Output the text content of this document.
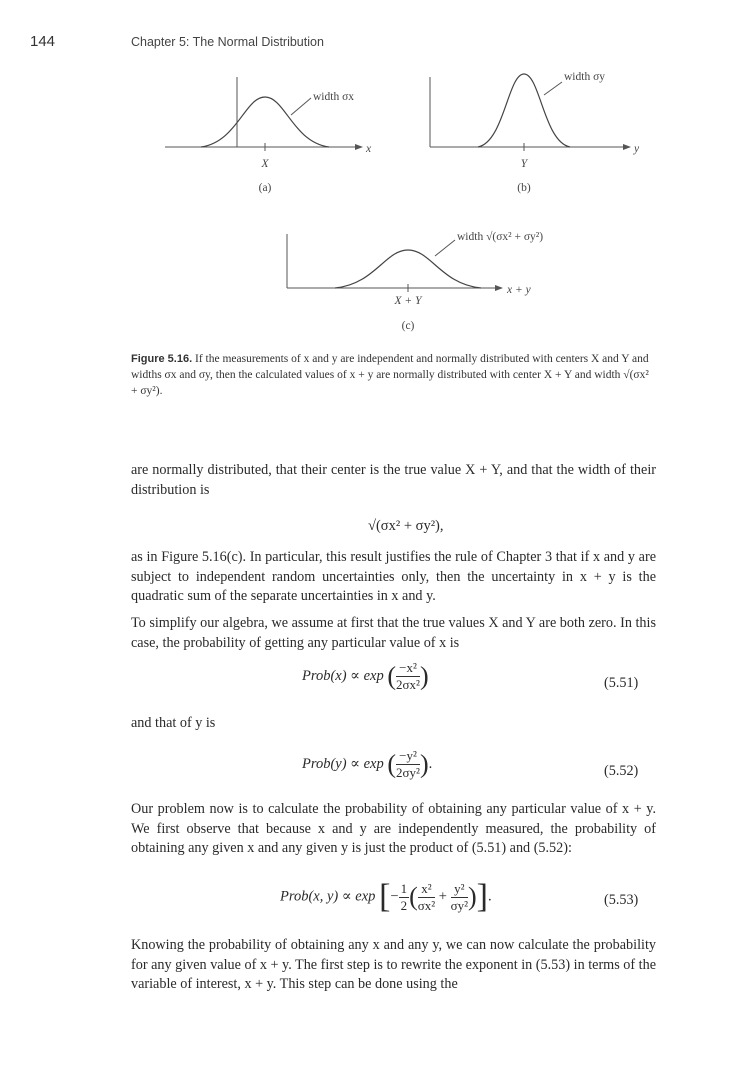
144	Chapter 5: The Normal Distribution
width σx
x
X
(a)
width σy
y
Y
(b)
width √(σx² + σy²)
x + y
X + Y
(c)
Figure 5.16. If the measurements of x and y are independent and normally distributed with centers X and Y and widths σx and σy, then the calculated values of x + y are normally distributed with center X + Y and width √(σx² + σy²).
are normally distributed, that their center is the true value X + Y, and that the width of their distribution is
√(σx² + σy²),
as in Figure 5.16(c). In particular, this result justifies the rule of Chapter 3 that if x and y are subject to independent random uncertainties only, then the uncertainty in x + y is the quadratic sum of the separate uncertainties in x and y.
To simplify our algebra, we assume at first that the true values X and Y are both zero. In this case, the probability of getting any particular value of x is
Prob(x) ∝ exp ( $\frac{\text{−x²}}{\text{2σx²}}$ )	(5.51)
and that of y is
Prob(y) ∝ exp ( $\frac{\text{−y²}}{\text{2σy²}}$ ).	(5.52)
Our problem now is to calculate the probability of obtaining any particular value of x + y. We first observe that because x and y are independently measured, the probability of obtaining any given x and any given y is just the product of (5.51) and (5.52):
Prob(x, y) ∝ exp [− $\frac{1}{2}$ ( $\frac{\text{x²}}{\text{σx²}} + \frac{\text{y²}}{\text{σy²}}$ )].	(5.53)
Knowing the probability of obtaining any x and any y, we can now calculate the probability for any given value of x + y. The first step is to rewrite the exponent in (5.53) in terms of the variable of interest, x + y. This step can be done using the
